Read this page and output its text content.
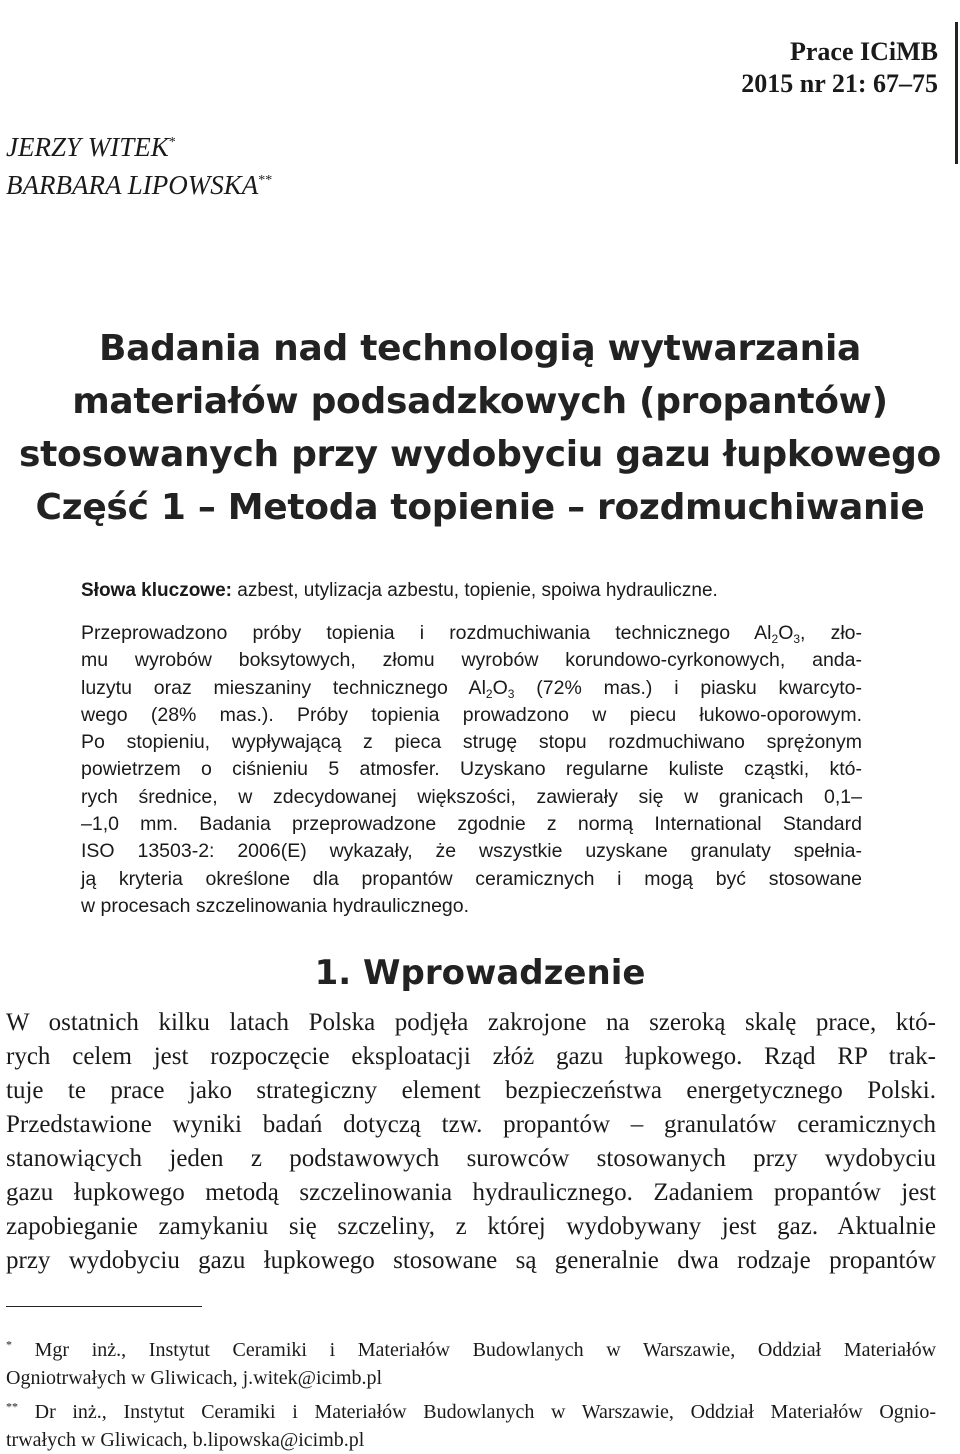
Prace ICiMB
2015 nr 21: 67–75
JERZY WITEK*
BARBARA LIPOWSKA**
Badania nad technologią wytwarzania
materiałów podsadzkowych (propantów)
stosowanych przy wydobyciu gazu łupkowego
Część 1 – Metoda topienie – rozdmuchiwanie
Słowa kluczowe: azbest, utylizacja azbestu, topienie, spoiwa hydrauliczne.
Przeprowadzono próby topienia i rozdmuchiwania technicznego $Al_2O_3$, zło-
mu wyrobów boksytowych, złomu wyrobów korundowo-cyrkonowych, anda-
luzytu oraz mieszaniny technicznego $Al_2O_3$ (72% mas.) i piasku kwarcyto-
wego (28% mas.). Próby topienia prowadzono w piecu łukowo-oporowym.
Po stopieniu, wypływającą z pieca strugę stopu rozdmuchiwano sprężonym
powietrzem o ciśnieniu 5 atmosfer. Uzyskano regularne kuliste cząstki, któ-
rych średnice, w zdecydowanej większości, zawierały się w granicach 0,1–
–1,0 mm. Badania przeprowadzone zgodnie z normą International Standard
ISO 13503-2: 2006(E) wykazały, że wszystkie uzyskane granulaty spełnia-
ją kryteria określone dla propantów ceramicznych i mogą być stosowane
w procesach szczelinowania hydraulicznego.
1. Wprowadzenie
W ostatnich kilku latach Polska podjęła zakrojone na szeroką skalę prace, któ-
rych celem jest rozpoczęcie eksploatacji złóż gazu łupkowego. Rząd RP trak-
tuje te prace jako strategiczny element bezpieczeństwa energetycznego Polski.
Przedstawione wyniki badań dotyczą tzw. propantów – granulatów ceramicznych
stanowiących jeden z podstawowych surowców stosowanych przy wydobyciu
gazu łupkowego metodą szczelinowania hydraulicznego. Zadaniem propantów jest
zapobieganie zamykaniu się szczeliny, z której wydobywany jest gaz. Aktualnie
przy wydobyciu gazu łupkowego stosowane są generalnie dwa rodzaje propantów
* Mgr inż., Instytut Ceramiki i Materiałów Budowlanych w Warszawie, Oddział Materiałów
Ogniotrwałych w Gliwicach, j.witek@icimb.pl
** Dr inż., Instytut Ceramiki i Materiałów Budowlanych w Warszawie, Oddział Materiałów Ognio-
trwałych w Gliwicach, b.lipowska@icimb.pl
